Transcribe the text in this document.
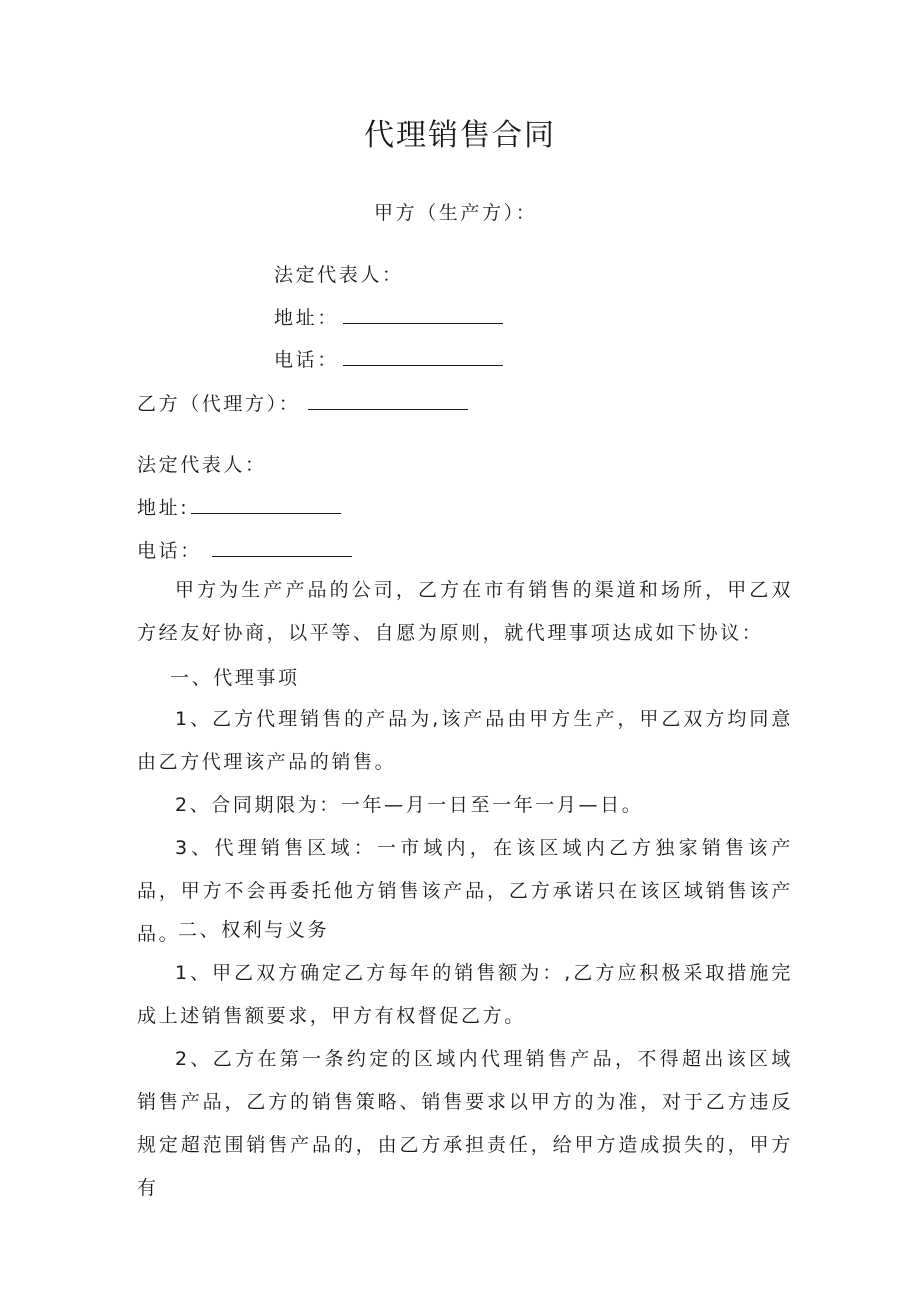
代理销售合同
甲方（生产方）：
法定代表人：
地址：
电话：
乙方（代理方）：
法定代表人：
地址:
电话：

甲方为生产产品的公司，乙方在市有销售的渠道和场所，甲乙双方经友好协商，以平等、自愿为原则，就代理事项达成如下协议：

一、代理事项

1、乙方代理销售的产品为,该产品由甲方生产，甲乙双方均同意由乙方代理该产品的销售。

2、合同期限为：一年—月一日至一年一月—日。

3、代理销售区域：一市域内，在该区域内乙方独家销售该产品，甲方不会再委托他方销售该产品，乙方承诺只在该区域销售该产品。

二、权利与义务

1、甲乙双方确定乙方每年的销售额为：,乙方应积极采取措施完成上述销售额要求，甲方有权督促乙方。

2、乙方在第一条约定的区域内代理销售产品，不得超出该区域销售产品，乙方的销售策略、销售要求以甲方的为准，对于乙方违反规定超范围销售产品的，由乙方承担责任，给甲方造成损失的，甲方有
